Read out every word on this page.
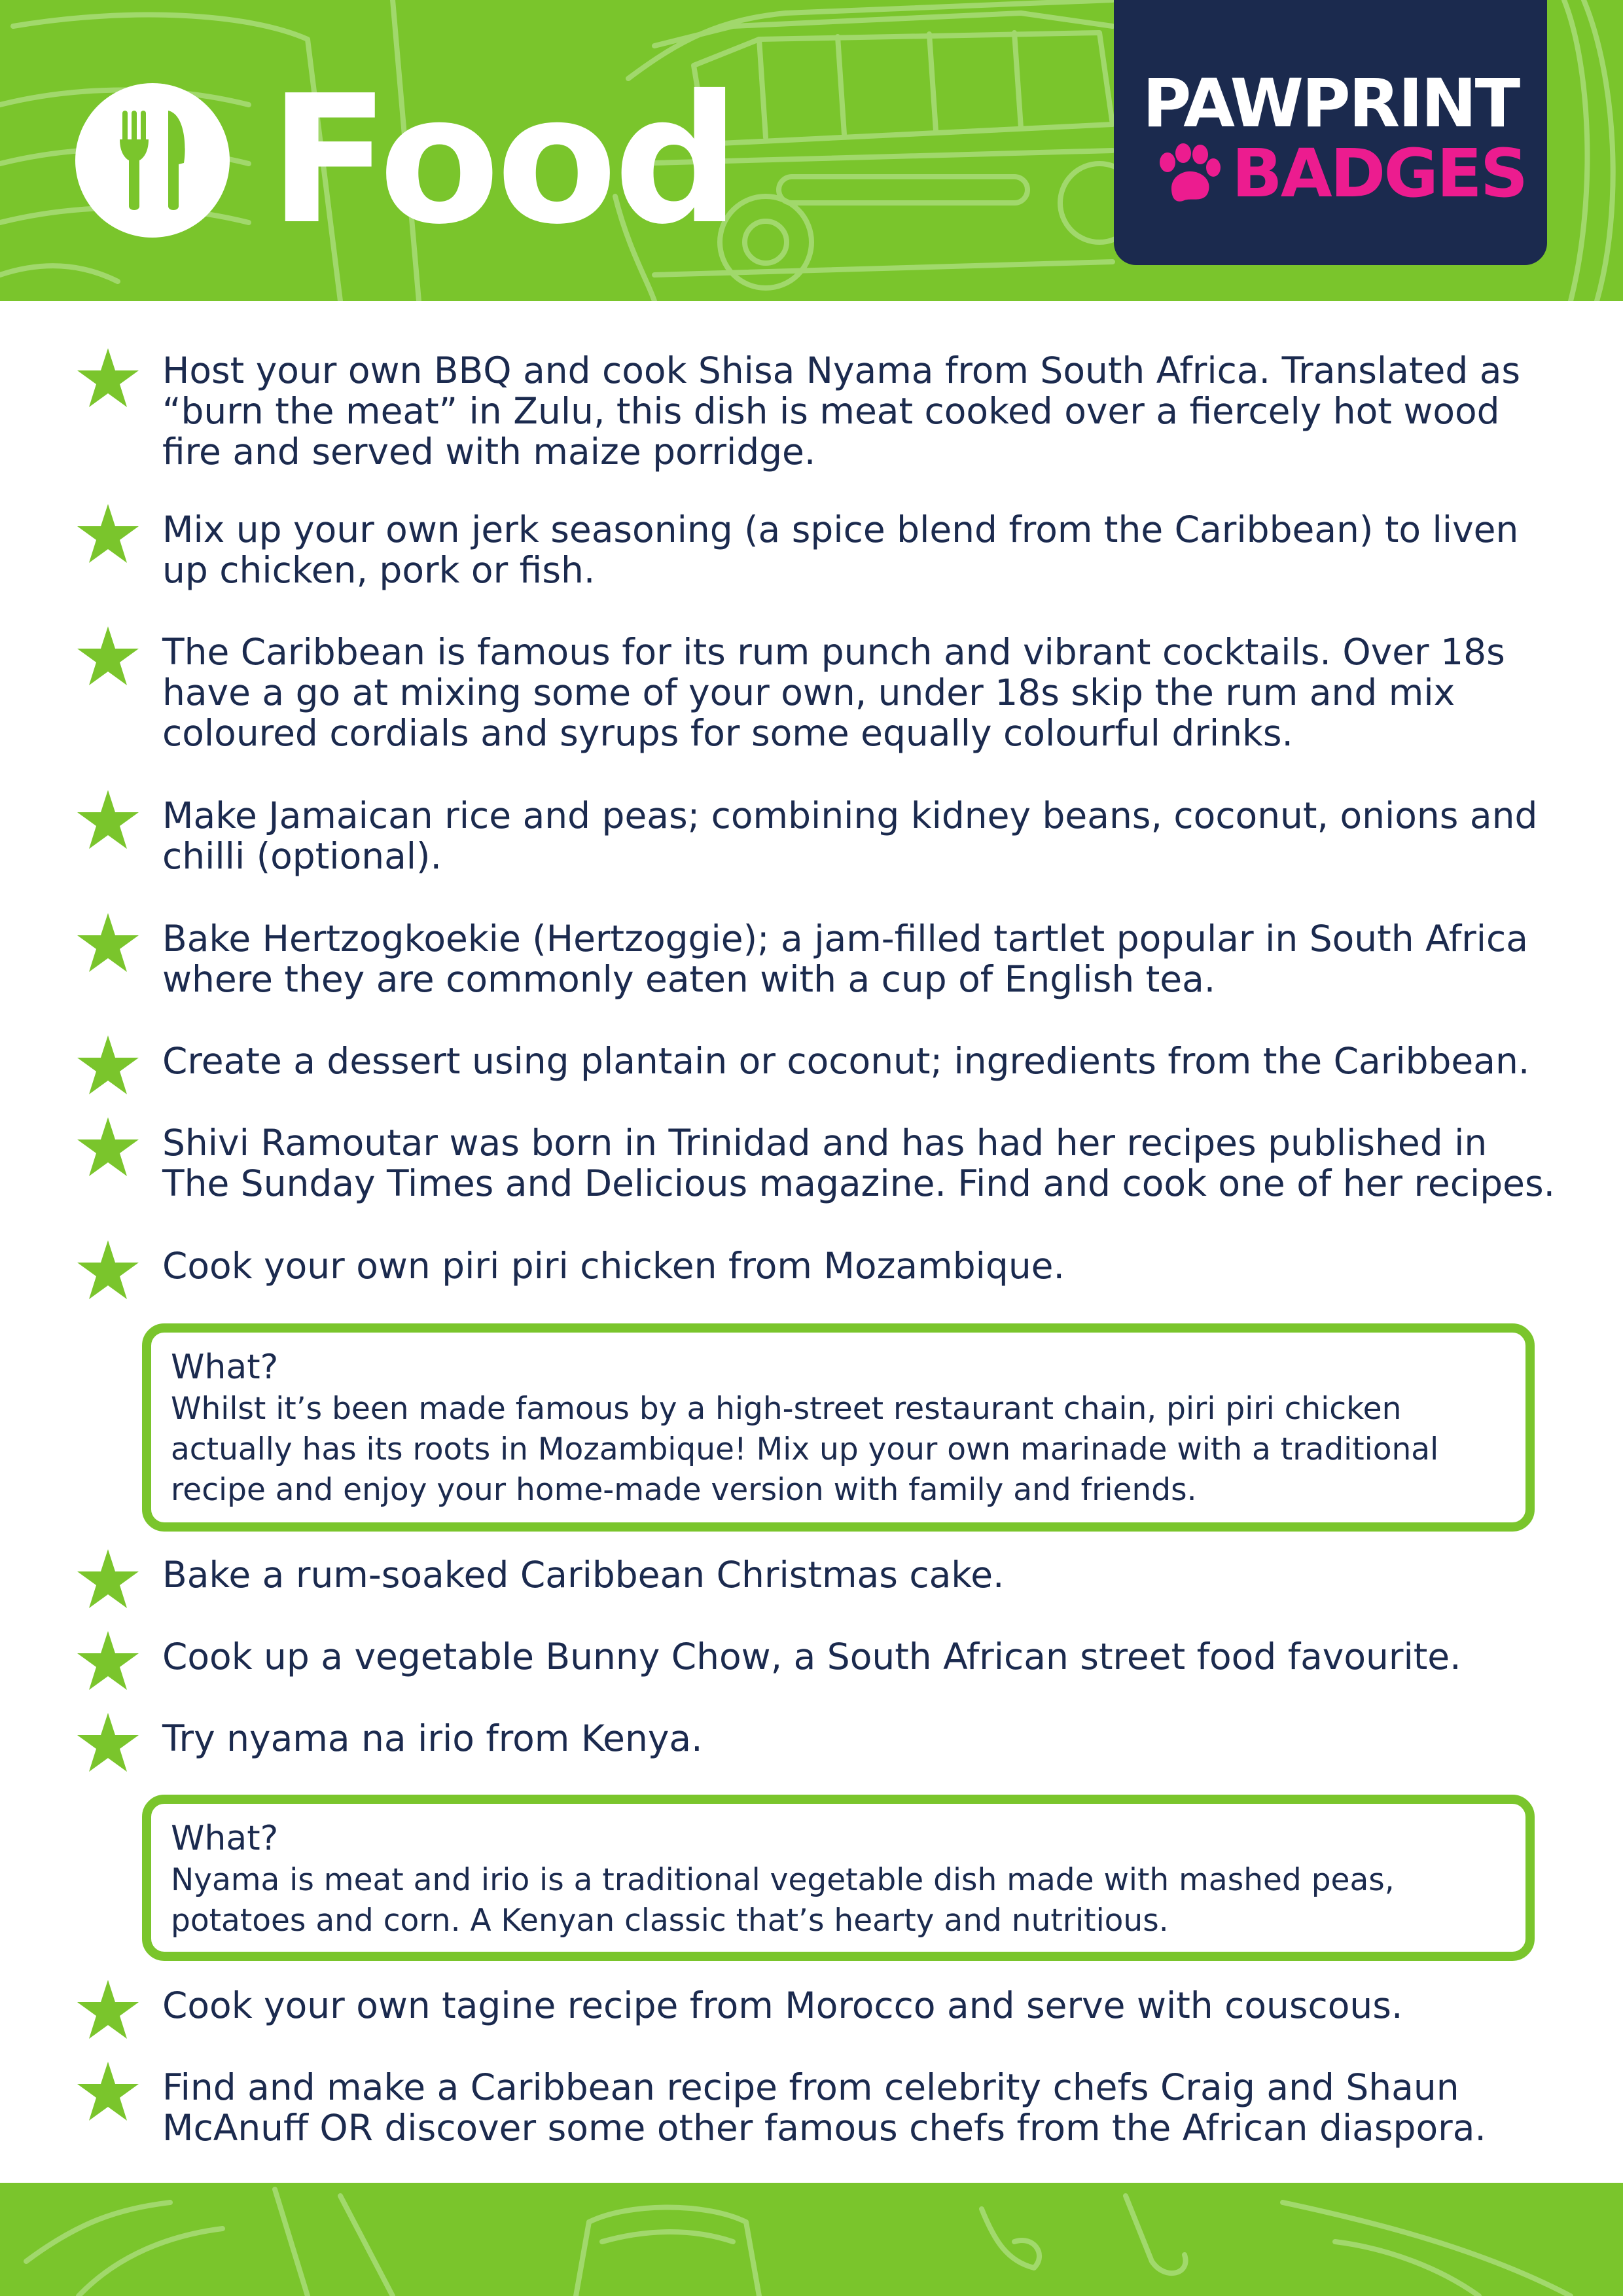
Food	PAWPRINT
BADGES
Host your own BBQ and cook Shisa Nyama from South Africa. Translated as “burn the meat” in Zulu, this dish is meat cooked over a fiercely hot wood fire and served with maize porridge.
Mix up your own jerk seasoning (a spice blend from the Caribbean) to liven up chicken, pork or fish.
The Caribbean is famous for its rum punch and vibrant cocktails. Over 18s have a go at mixing some of your own, under 18s skip the rum and mix coloured cordials and syrups for some equally colourful drinks.
Make Jamaican rice and peas; combining kidney beans, coconut, onions and chilli (optional).
Bake Hertzogkoekie (Hertzoggie); a jam-filled tartlet popular in South Africa where they are commonly eaten with a cup of English tea.
Create a dessert using plantain or coconut; ingredients from the Caribbean.
Shivi Ramoutar was born in Trinidad and has had her recipes published in The Sunday Times and Delicious magazine. Find and cook one of her recipes.
Cook your own piri piri chicken from Mozambique.
What?
Whilst it’s been made famous by a high-street restaurant chain, piri piri chicken actually has its roots in Mozambique! Mix up your own marinade with a traditional recipe and enjoy your home-made version with family and friends.
Bake a rum-soaked Caribbean Christmas cake.
Cook up a vegetable Bunny Chow, a South African street food favourite.
Try nyama na irio from Kenya.
What?
Nyama is meat and irio is a traditional vegetable dish made with mashed peas, potatoes and corn. A Kenyan classic that’s hearty and nutritious.
Cook your own tagine recipe from Morocco and serve with couscous.
Find and make a Caribbean recipe from celebrity chefs Craig and Shaun McAnuff OR discover some other famous chefs from the African diaspora.
